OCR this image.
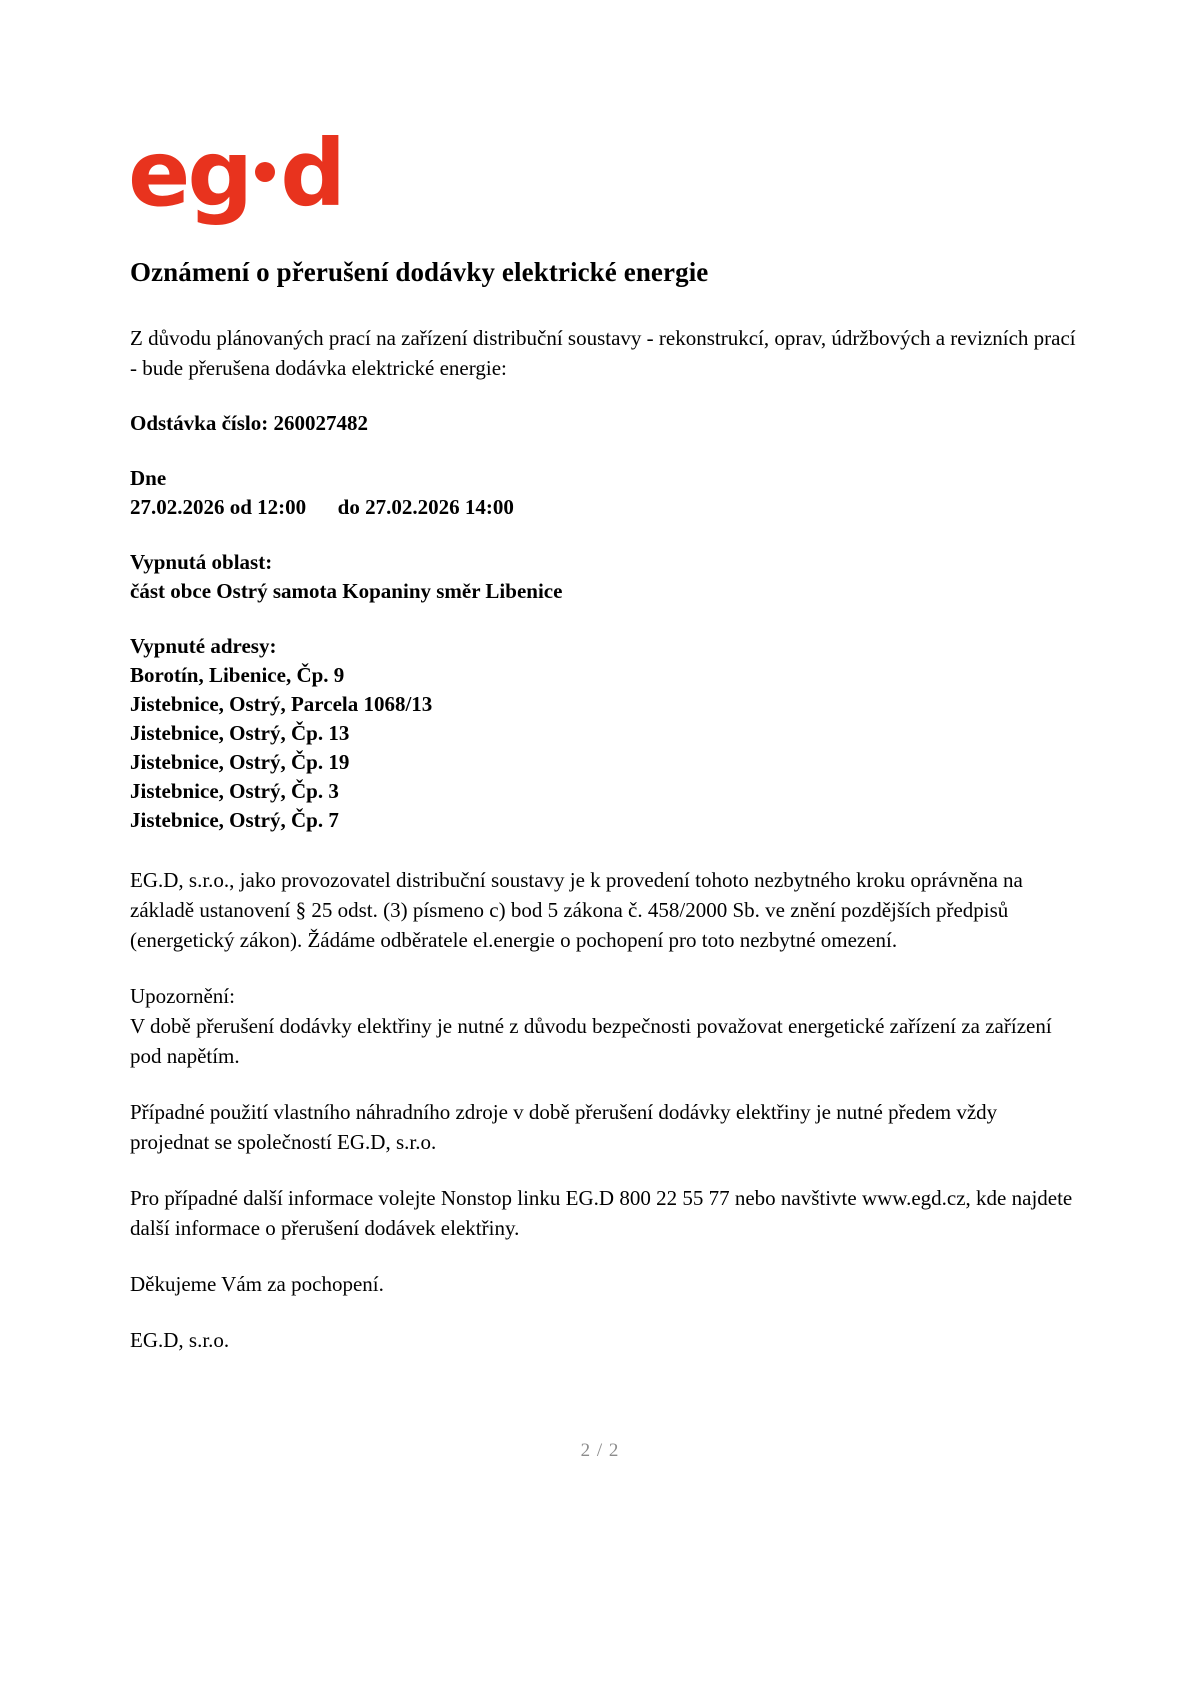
eg d
Oznámení o přerušení dodávky elektrické energie

Z důvodu plánovaných prací na zařízení distribuční soustavy - rekonstrukcí, oprav, údržbových a revizních prací - bude přerušena dodávka elektrické energie:

Odstávka číslo: 260027482
Dne
27.02.2026 od 12:00      do 27.02.2026 14:00
Vypnutá oblast:
část obce Ostrý samota Kopaniny směr Libenice
Vypnuté adresy:
Borotín, Libenice, Čp. 9
Jistebnice, Ostrý, Parcela 1068/13
Jistebnice, Ostrý, Čp. 13
Jistebnice, Ostrý, Čp. 19
Jistebnice, Ostrý, Čp. 3
Jistebnice, Ostrý, Čp. 7

EG.D, s.r.o., jako provozovatel distribuční soustavy je k provedení tohoto nezbytného kroku oprávněna na základě ustanovení § 25 odst. (3) písmeno c) bod 5 zákona č. 458/2000 Sb. ve znění pozdějších předpisů (energetický zákon). Žádáme odběratele el.energie o pochopení pro toto nezbytné omezení.

Upozornění:

V době přerušení dodávky elektřiny je nutné z důvodu bezpečnosti považovat energetické zařízení za zařízení pod napětím.

Případné použití vlastního náhradního zdroje v době přerušení dodávky elektřiny je nutné předem vždy projednat se společností EG.D, s.r.o.

Pro případné další informace volejte Nonstop linku EG.D 800 22 55 77 nebo navštivte www.egd.cz, kde najdete další informace o přerušení dodávek elektřiny.

Děkujeme Vám za pochopení.

EG.D, s.r.o.

2 / 2
